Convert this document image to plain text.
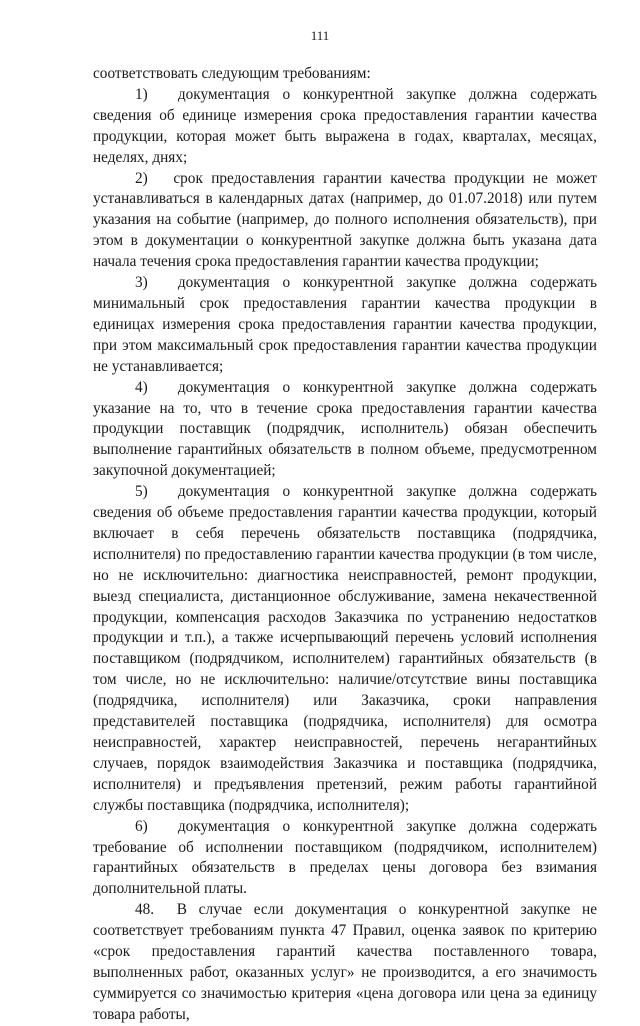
111

соответствовать следующим требованиям:

1) документация о конкурентной закупке должна содержать сведения об единице измерения срока предоставления гарантии качества продукции, которая может быть выражена в годах, кварталах, месяцах, неделях, днях;

2) срок предоставления гарантии качества продукции не может устанавливаться в календарных датах (например, до 01.07.2018) или путем указания на событие (например, до полного исполнения обязательств), при этом в документации о конкурентной закупке должна быть указана дата начала течения срока предоставления гарантии качества продукции;

3) документация о конкурентной закупке должна содержать минимальный срок предоставления гарантии качества продукции в единицах измерения срока предоставления гарантии качества продукции, при этом максимальный срок предоставления гарантии качества продукции не устанавливается;

4) документация о конкурентной закупке должна содержать указание на то, что в течение срока предоставления гарантии качества продукции поставщик (подрядчик, исполнитель) обязан обеспечить выполнение гарантийных обязательств в полном объеме, предусмотренном закупочной документацией;

5) документация о конкурентной закупке должна содержать сведения об объеме предоставления гарантии качества продукции, который включает в себя перечень обязательств поставщика (подрядчика, исполнителя) по предоставлению гарантии качества продукции (в том числе, но не исключительно: диагностика неисправностей, ремонт продукции, выезд специалиста, дистанционное обслуживание, замена некачественной продукции, компенсация расходов Заказчика по устранению недостатков продукции и т.п.), а также исчерпывающий перечень условий исполнения поставщиком (подрядчиком, исполнителем) гарантийных обязательств (в том числе, но не исключительно: наличие/отсутствие вины поставщика (подрядчика, исполнителя) или Заказчика, сроки направления представителей поставщика (подрядчика, исполнителя) для осмотра неисправностей, характер неисправностей, перечень негарантийных случаев, порядок взаимодействия Заказчика и поставщика (подрядчика, исполнителя) и предъявления претензий, режим работы гарантийной службы поставщика (подрядчика, исполнителя);

6) документация о конкурентной закупке должна содержать требование об исполнении поставщиком (подрядчиком, исполнителем) гарантийных обязательств в пределах цены договора без взимания дополнительной платы.

48. В случае если документация о конкурентной закупке не соответствует требованиям пункта 47 Правил, оценка заявок по критерию «срок предоставления гарантий качества поставленного товара, выполненных работ, оказанных услуг» не производится, а его значимость суммируется со значимостью критерия «цена договора или цена за единицу товара работы,
